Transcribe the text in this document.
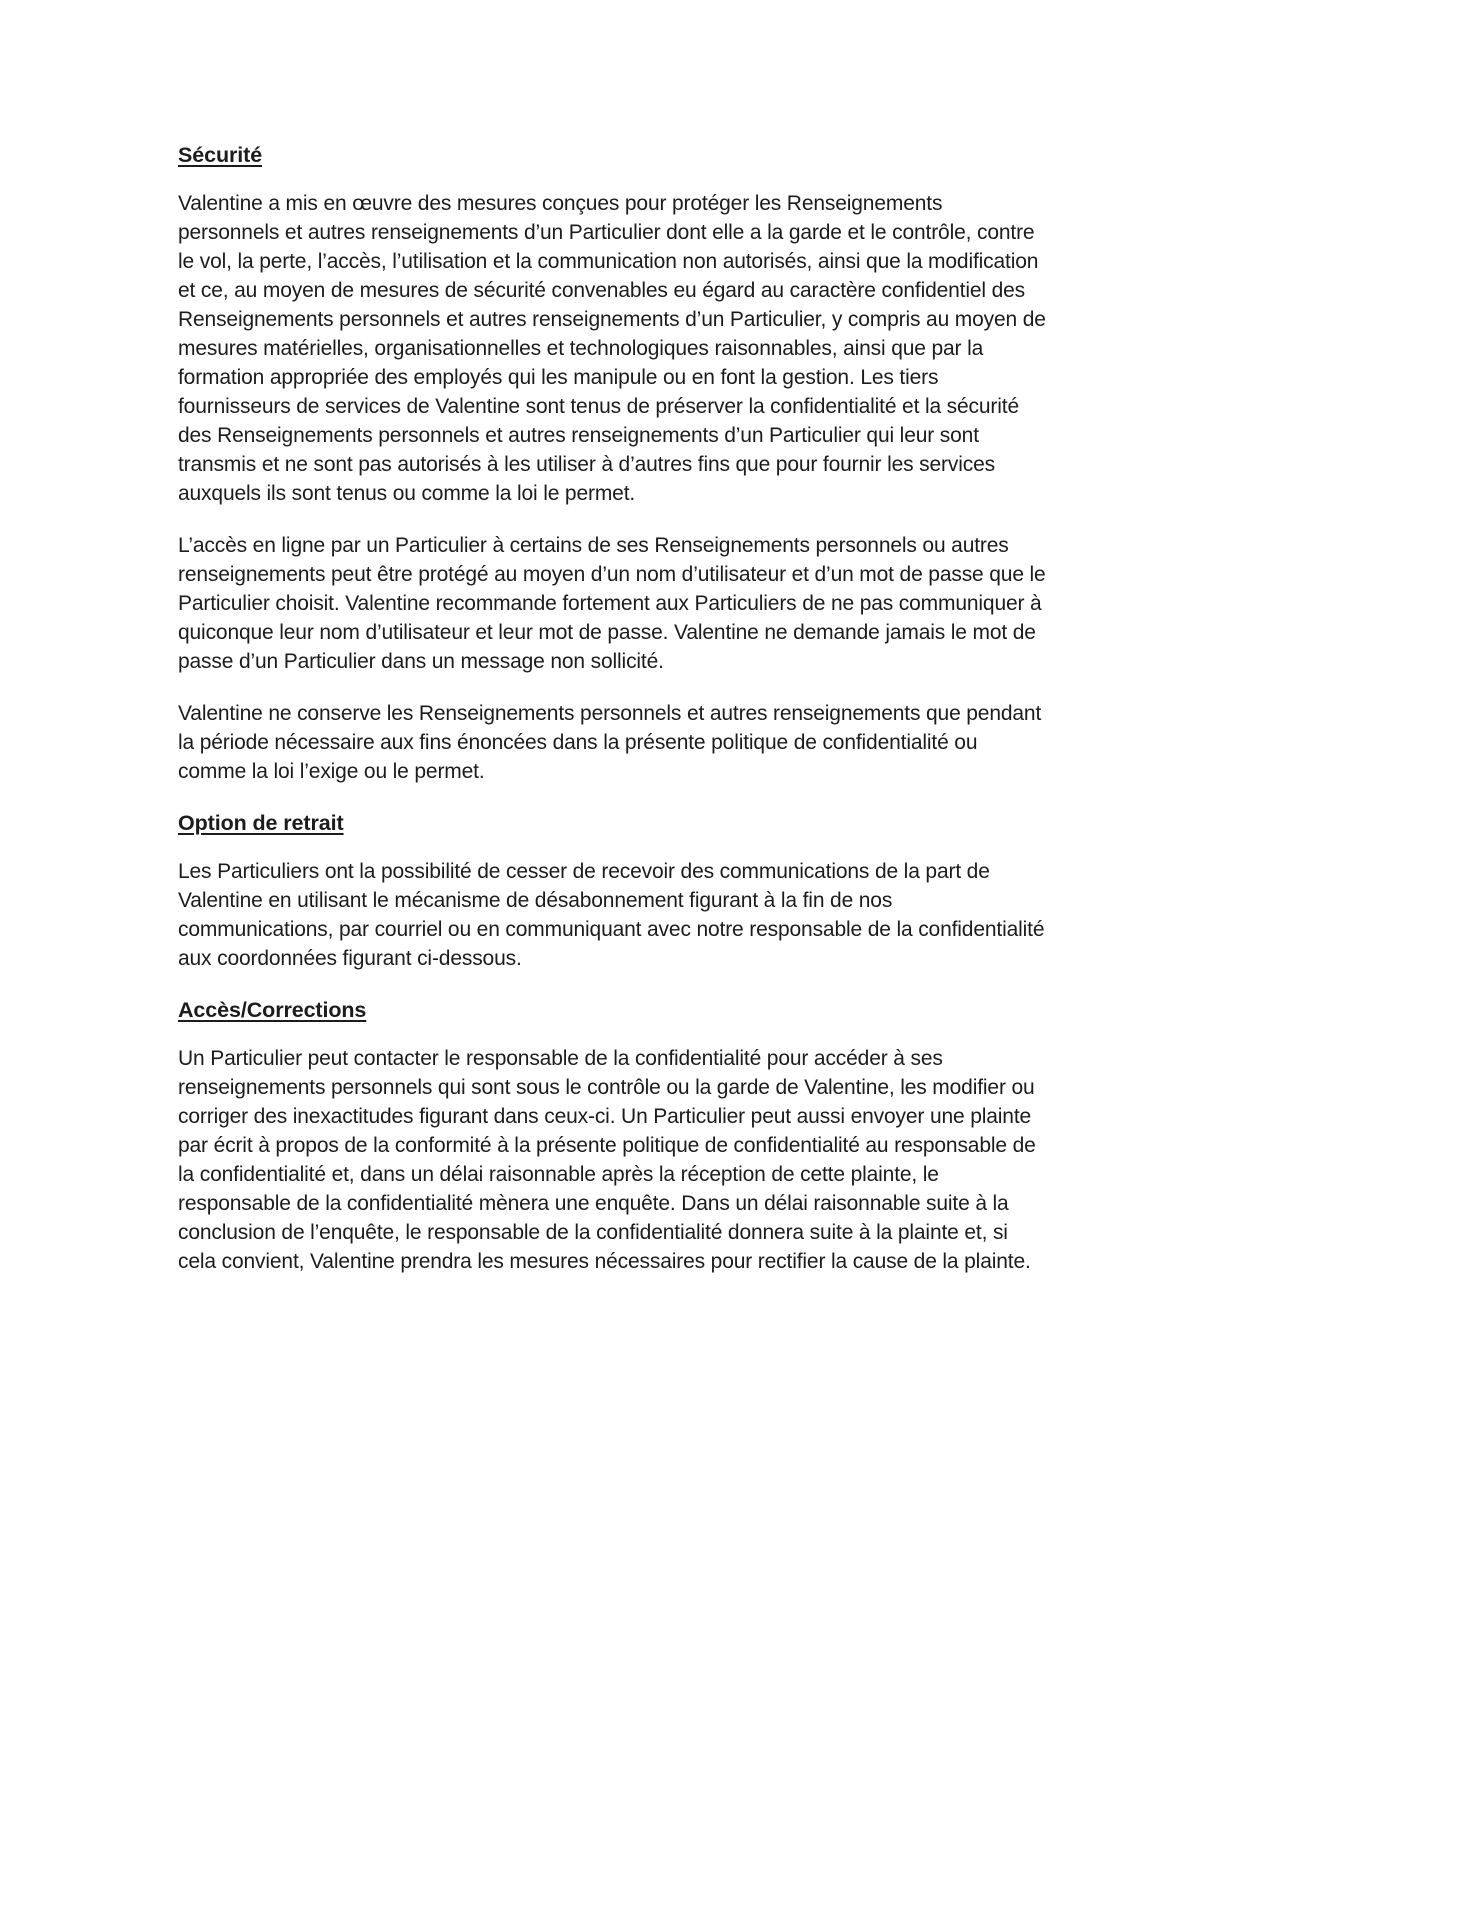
Sécurité

Valentine a mis en œuvre des mesures conçues pour protéger les Renseignements personnels et autres renseignements d’un Particulier dont elle a la garde et le contrôle, contre le vol, la perte, l’accès, l’utilisation et la communication non autorisés, ainsi que la modification et ce, au moyen de mesures de sécurité convenables eu égard au caractère confidentiel des Renseignements personnels et autres renseignements d’un Particulier, y compris au moyen de mesures matérielles, organisationnelles et technologiques raisonnables, ainsi que par la formation appropriée des employés qui les manipule ou en font la gestion. Les tiers fournisseurs de services de Valentine sont tenus de préserver la confidentialité et la sécurité des Renseignements personnels et autres renseignements d’un Particulier qui leur sont transmis et ne sont pas autorisés à les utiliser à d’autres fins que pour fournir les services auxquels ils sont tenus ou comme la loi le permet.

L’accès en ligne par un Particulier à certains de ses Renseignements personnels ou autres renseignements peut être protégé au moyen d’un nom d’utilisateur et d’un mot de passe que le Particulier choisit. Valentine recommande fortement aux Particuliers de ne pas communiquer à quiconque leur nom d’utilisateur et leur mot de passe. Valentine ne demande jamais le mot de passe d’un Particulier dans un message non sollicité.

Valentine ne conserve les Renseignements personnels et autres renseignements que pendant la période nécessaire aux fins énoncées dans la présente politique de confidentialité ou comme la loi l’exige ou le permet.

Option de retrait

Les Particuliers ont la possibilité de cesser de recevoir des communications de la part de Valentine en utilisant le mécanisme de désabonnement figurant à la fin de nos communications, par courriel ou en communiquant avec notre responsable de la confidentialité aux coordonnées figurant ci-dessous.

Accès/Corrections

Un Particulier peut contacter le responsable de la confidentialité pour accéder à ses renseignements personnels qui sont sous le contrôle ou la garde de Valentine, les modifier ou corriger des inexactitudes figurant dans ceux-ci. Un Particulier peut aussi envoyer une plainte par écrit à propos de la conformité à la présente politique de confidentialité au responsable de la confidentialité et, dans un délai raisonnable après la réception de cette plainte, le responsable de la confidentialité mènera une enquête. Dans un délai raisonnable suite à la conclusion de l’enquête, le responsable de la confidentialité donnera suite à la plainte et, si cela convient, Valentine prendra les mesures nécessaires pour rectifier la cause de la plainte.
